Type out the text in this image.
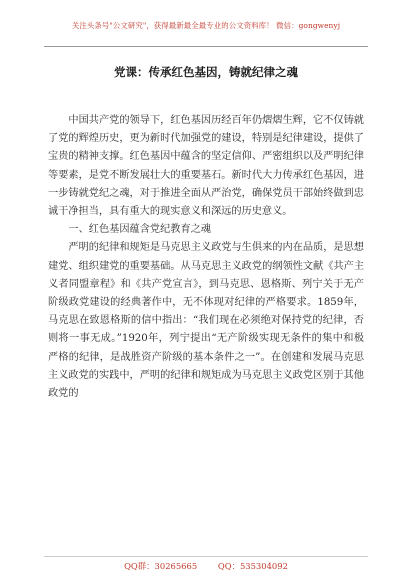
关注头条号"公文研究"，获得最新最全最专业的公文资料库！ 微信：gongwenyj
党课：传承红色基因，铸就纪律之魂

中国共产党的领导下，红色基因历经百年仍熠熠生辉，它不仅铸就了党的辉煌历史，更为新时代加强党的建设，特别是纪律建设，提供了宝贵的精神支撑。红色基因中蕴含的坚定信仰、严密组织以及严明纪律等要素，是党不断发展壮大的重要基石。新时代大力传承红色基因，进一步铸就党纪之魂，对于推进全面从严治党，确保党员干部始终做到忠诚干净担当，具有重大的现实意义和深远的历史意义。

一、红色基因蕴含党纪教育之魂

严明的纪律和规矩是马克思主义政党与生俱来的内在品质，是思想建党、组织建党的重要基础。从马克思主义政党的纲领性文献《共产主义者同盟章程》和《共产党宣言》，到马克思、恩格斯、列宁关于无产阶级政党建设的经典著作中，无不体现对纪律的严格要求。1859年，马克思在致恩格斯的信中指出：“我们现在必须绝对保持党的纪律，否则将一事无成。”1920年，列宁提出“无产阶级实现无条件的集中和极严格的纪律，是战胜资产阶级的基本条件之一”。在创建和发展马克思主义政党的实践中，严明的纪律和规矩成为马克思主义政党区别于其他政党的

QQ群：30265665 QQ：535304092
